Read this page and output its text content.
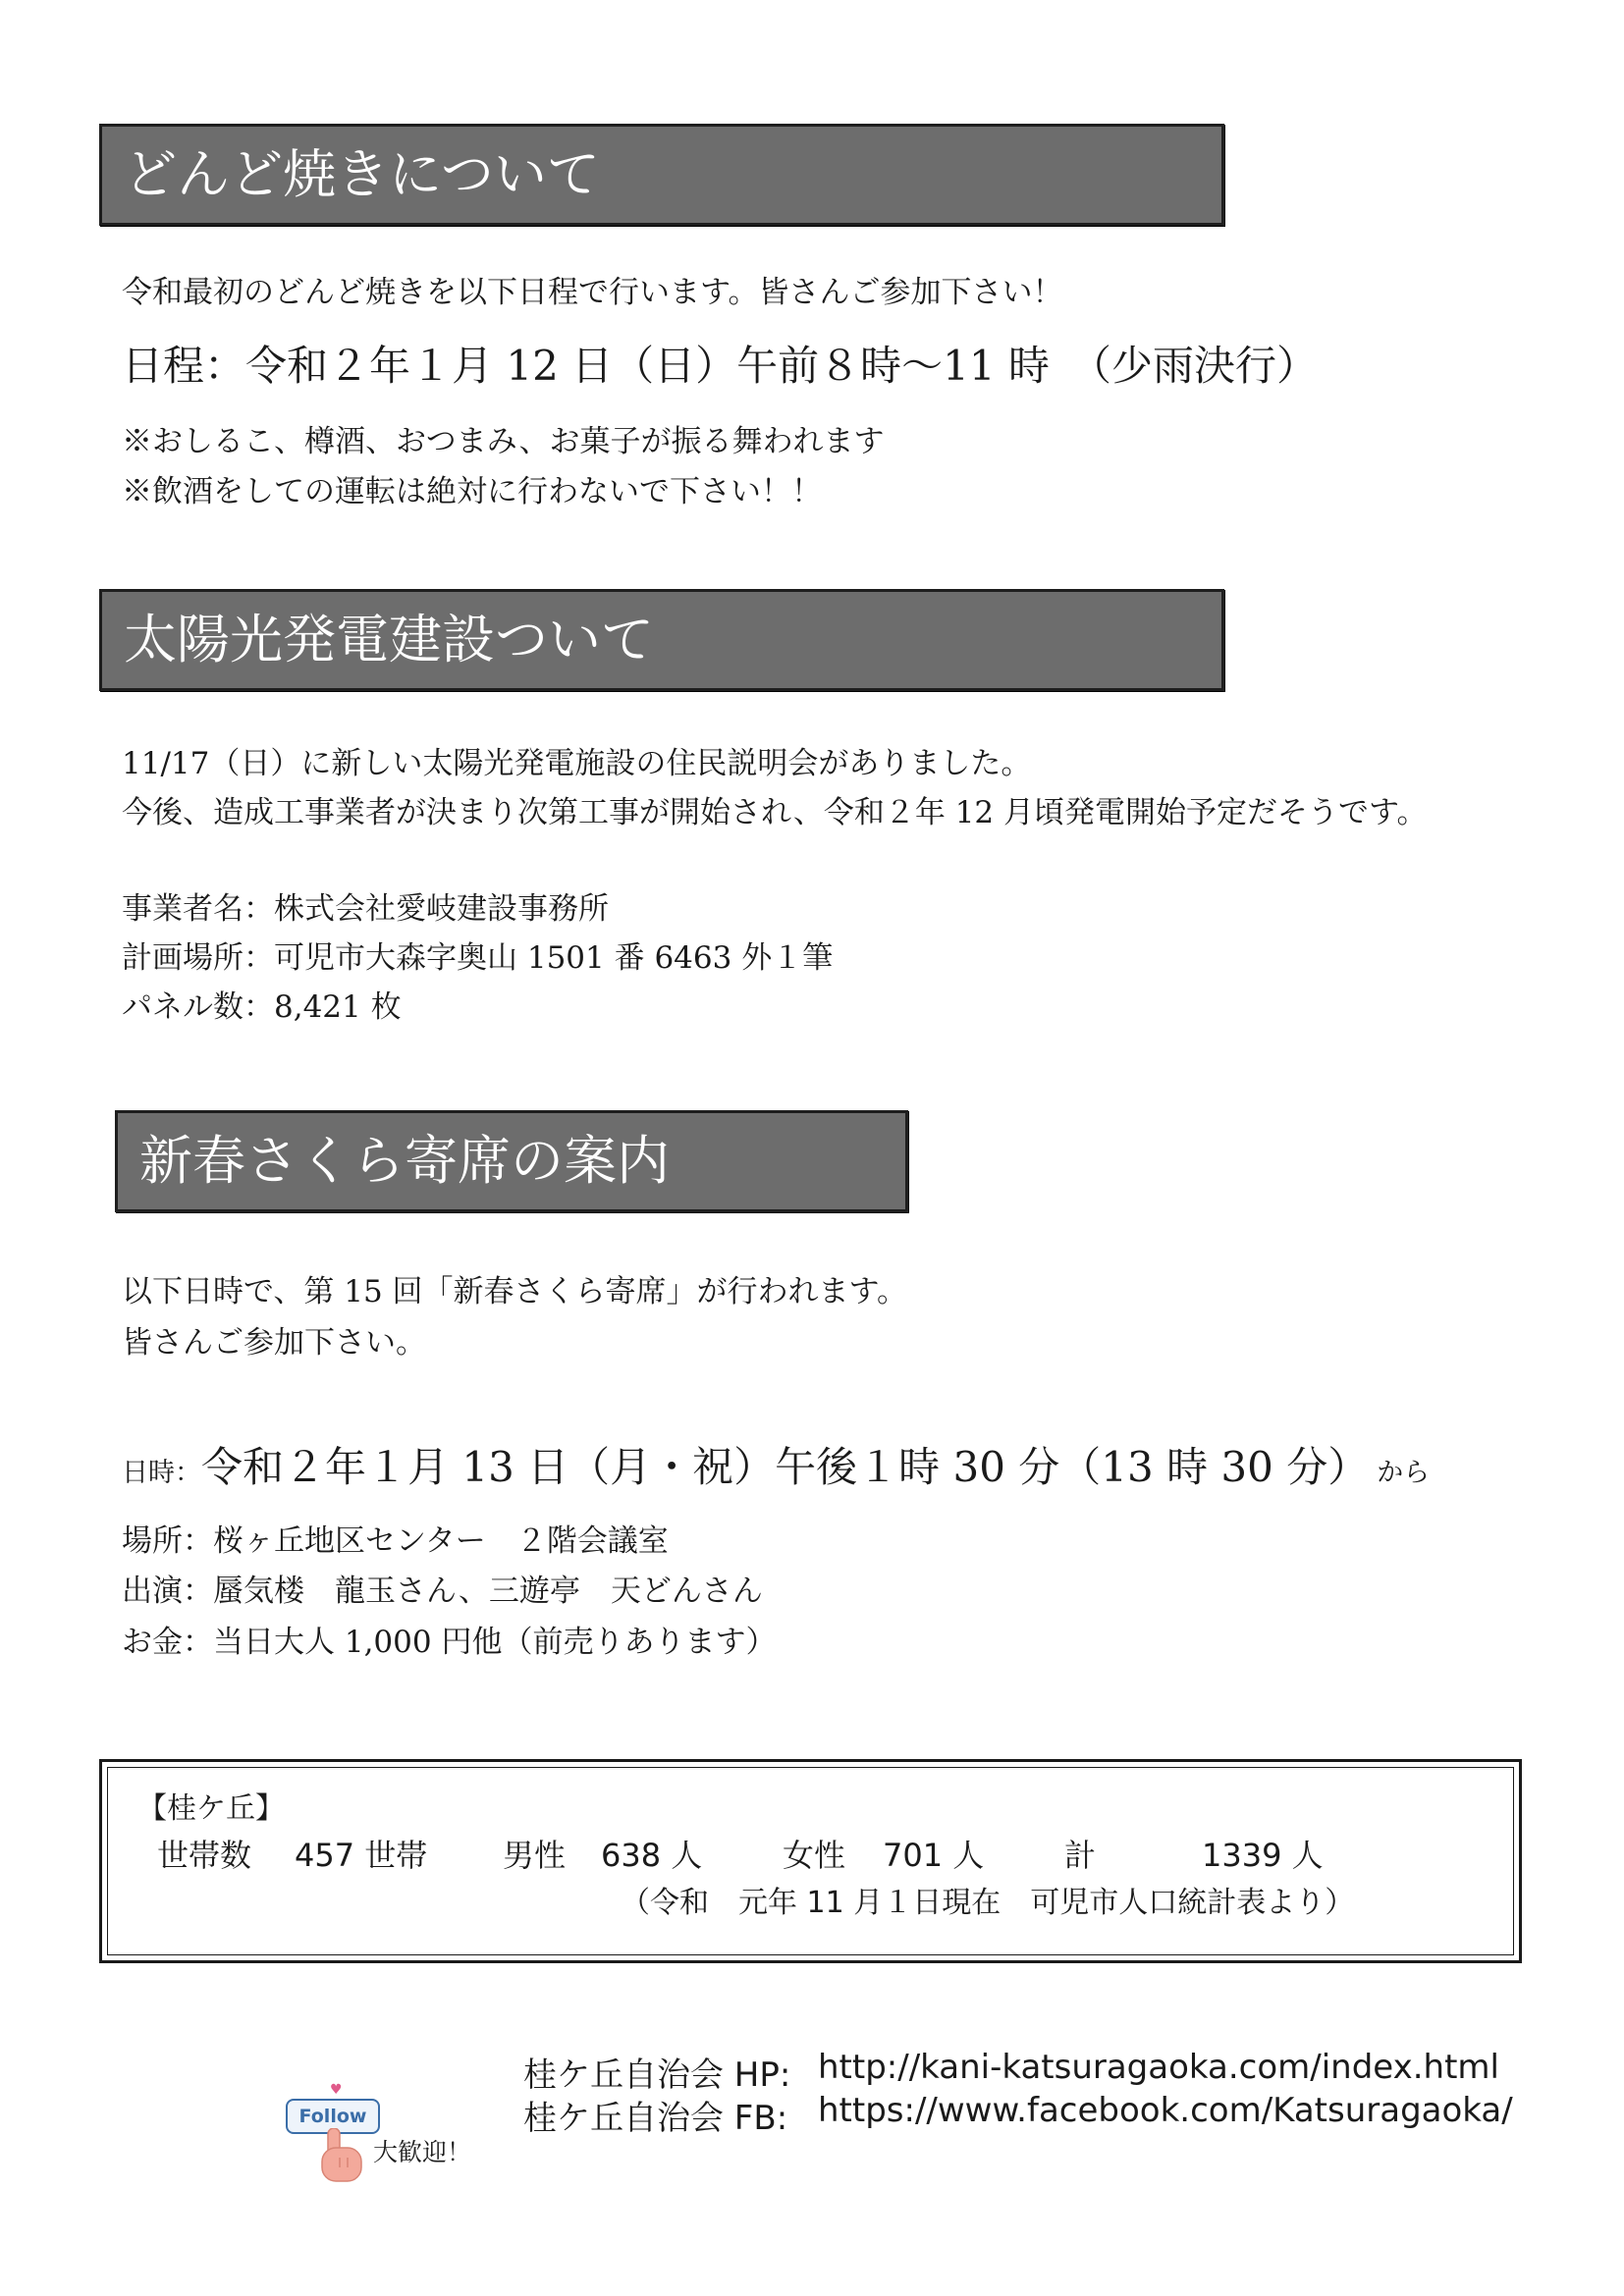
どんど焼きについて
令和最初のどんど焼きを以下日程で行います。皆さんご参加下さい！
日程：令和２年１月 12 日（日）午前８時～11 時　（少雨決行）
※おしるこ、樽酒、おつまみ、お菓子が振る舞われます
※飲酒をしての運転は絶対に行わないで下さい！！
太陽光発電建設ついて
11/17（日）に新しい太陽光発電施設の住民説明会がありました。
今後、造成工事業者が決まり次第工事が開始され、令和２年 12 月頃発電開始予定だそうです。
事業者名：株式会社愛岐建設事務所
計画場所：可児市大森字奥山 1501 番 6463 外１筆
パネル数：8,421 枚
新春さくら寄席の案内
以下日時で、第 15 回「新春さくら寄席」が行われます。
皆さんご参加下さい。
日時：令和２年１月 13 日（月・祝）午後１時 30 分（13 時 30 分） から
場所：桜ヶ丘地区センター　２階会議室
出演：蜃気楼　龍玉さん、三遊亭　天どんさん
お金：当日大人 1,000 円他（前売りあります）
【桂ケ丘】
世帯数 457 世帯 男性 638 人	女性 701 人	計	1339 人
（令和　元年 11 月１日現在　可児市人口統計表より）
桂ケ丘自治会 HP: http://kani-katsuragaoka.com/index.html
桂ケ丘自治会 FB: https://www.facebook.com/Katsuragaoka/
♥
Follow
大歓迎！
